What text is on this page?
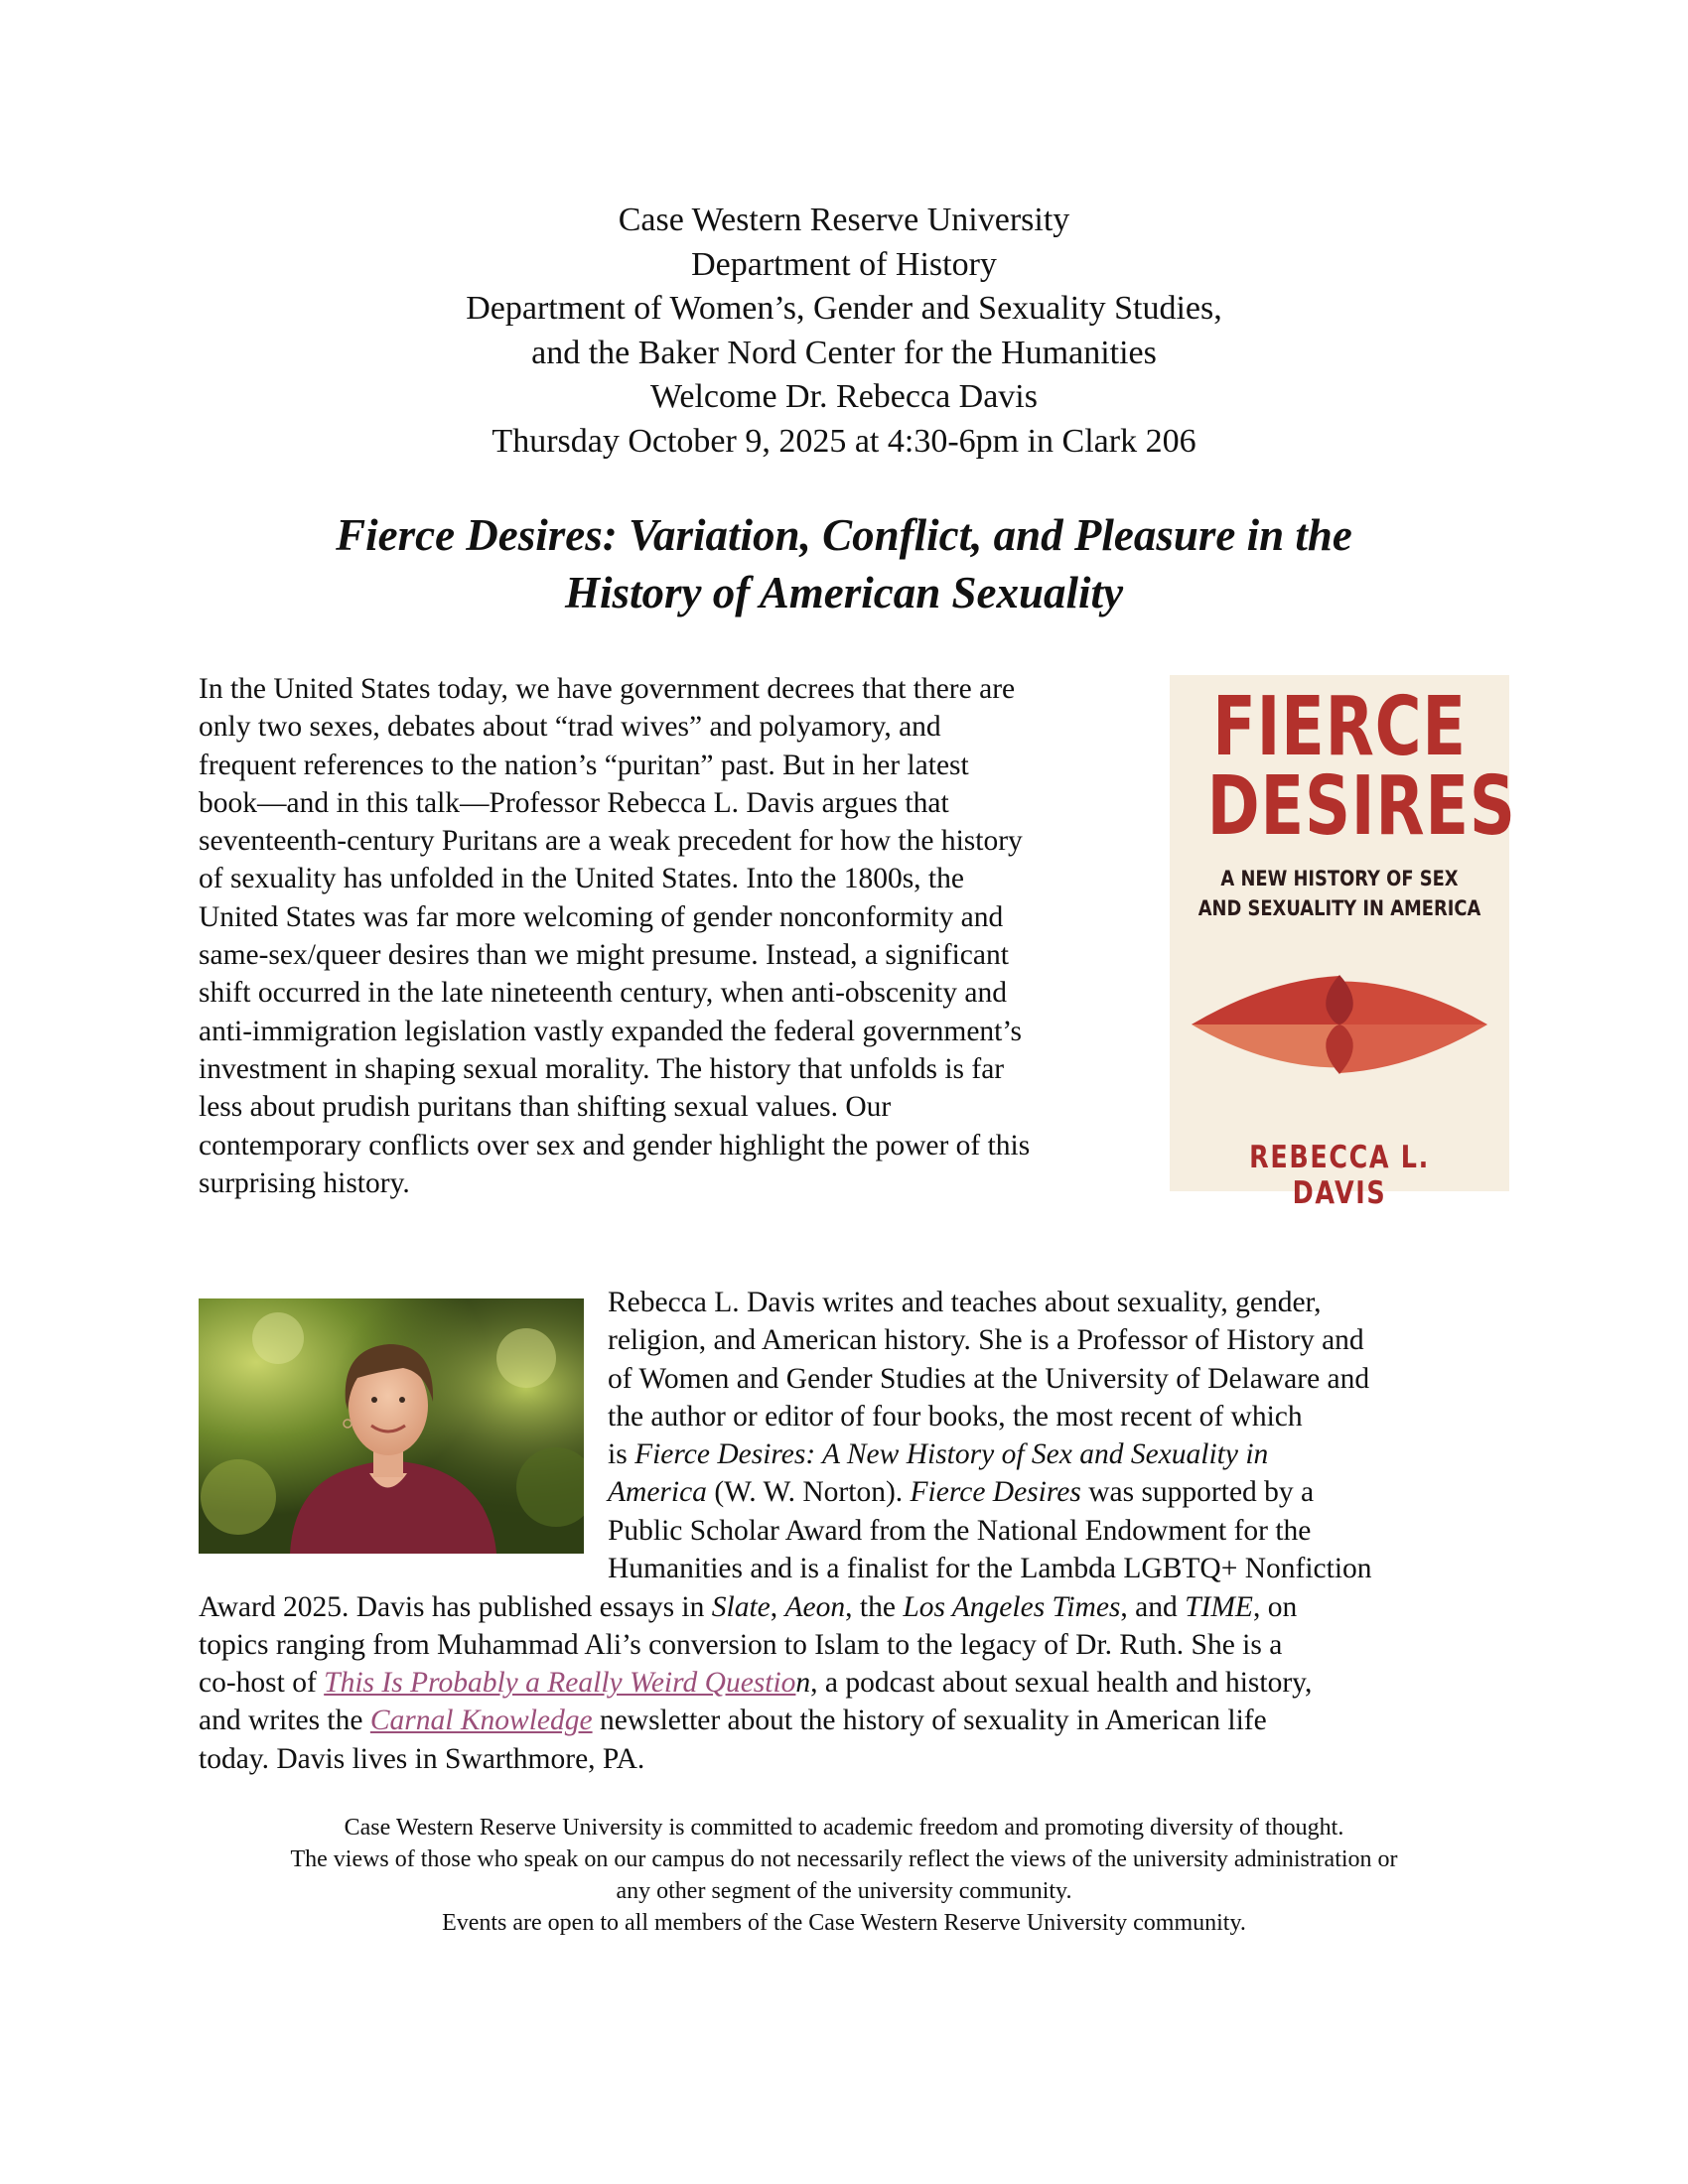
Case Western Reserve University
Department of History
Department of Women’s, Gender and Sexuality Studies,
and the Baker Nord Center for the Humanities
Welcome Dr. Rebecca Davis
Thursday October 9, 2025 at 4:30-6pm in Clark 206
Fierce Desires: Variation, Conflict, and Pleasure in the
History of American Sexuality
In the United States today, we have government decrees that there are
only two sexes, debates about “trad wives” and polyamory, and
frequent references to the nation’s “puritan” past. But in her latest
book—and in this talk—Professor Rebecca L. Davis argues that
seventeenth-century Puritans are a weak precedent for how the history
of sexuality has unfolded in the United States. Into the 1800s, the
United States was far more welcoming of gender nonconformity and
same-sex/queer desires than we might presume. Instead, a significant
shift occurred in the late nineteenth century, when anti-obscenity and
anti-immigration legislation vastly expanded the federal government’s
investment in shaping sexual morality. The history that unfolds is far
less about prudish puritans than shifting sexual values. Our
contemporary conflicts over sex and gender highlight the power of this
surprising history.
FIERCE
DESIRES
A NEW HISTORY OF SEX
AND SEXUALITY IN AMERICA
REBECCA L. DAVIS
Rebecca L. Davis writes and teaches about sexuality, gender,
religion, and American history. She is a Professor of History and
of Women and Gender Studies at the University of Delaware and
the author or editor of four books, the most recent of which
is Fierce Desires: A New History of Sex and Sexuality in
America (W. W. Norton). Fierce Desires was supported by a
Public Scholar Award from the National Endowment for the
Humanities and is a finalist for the Lambda LGBTQ+ Nonfiction
Award 2025. Davis has published essays in Slate, Aeon, the Los Angeles Times, and TIME, on
topics ranging from Muhammad Ali’s conversion to Islam to the legacy of Dr. Ruth. She is a
co-host of This Is Probably a Really Weird Question, a podcast about sexual health and history,
and writes the Carnal Knowledge newsletter about the history of sexuality in American life
today. Davis lives in Swarthmore, PA.
Case Western Reserve University is committed to academic freedom and promoting diversity of thought.
The views of those who speak on our campus do not necessarily reflect the views of the university administration or
any other segment of the university community.
Events are open to all members of the Case Western Reserve University community.
